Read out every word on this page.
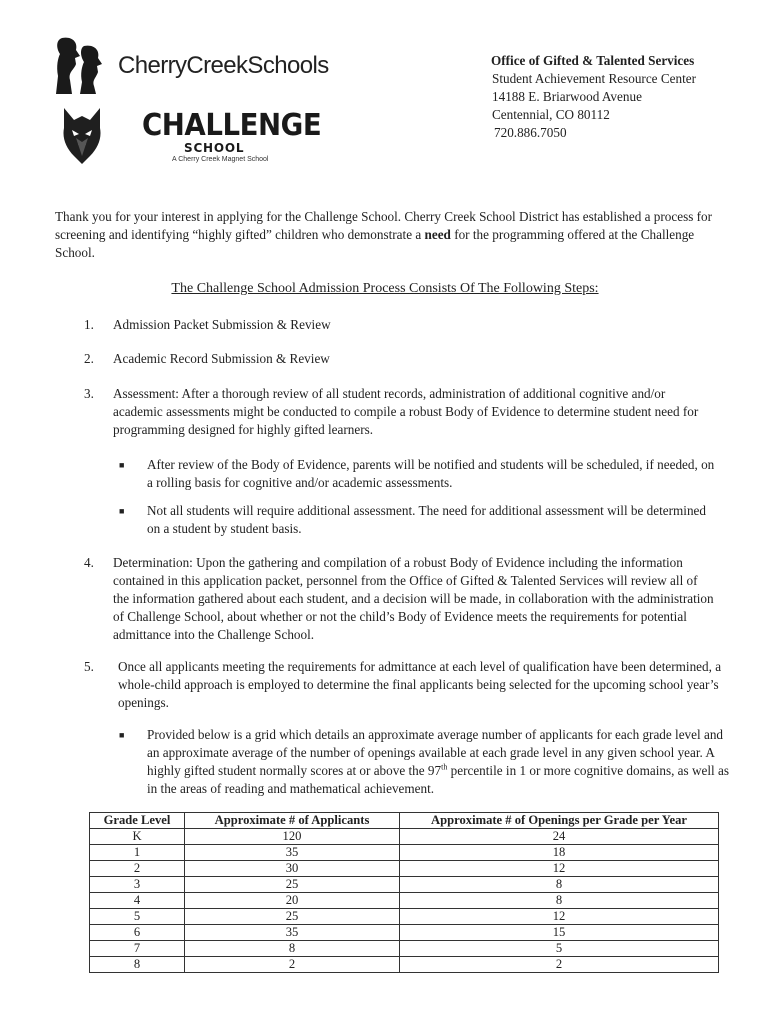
CherryCreekSchools
CHALLENGE
SCHOOL
A Cherry Creek Magnet School
Office of Gifted & Talented Services
Student Achievement Resource Center
14188 E. Briarwood Avenue
Centennial, CO 80112
720.886.7050
Thank you for your interest in applying for the Challenge School. Cherry Creek School District has established a process for screening and identifying “highly gifted” children who demonstrate a need for the programming offered at the Challenge School.
The Challenge School Admission Process Consists Of The Following Steps:
1. Admission Packet Submission & Review
2. Academic Record Submission & Review
3. Assessment: After a thorough review of all student records, administration of additional cognitive and/or academic assessments might be conducted to compile a robust Body of Evidence to determine student need for programming designed for highly gifted learners.
■ After review of the Body of Evidence, parents will be notified and students will be scheduled, if needed, on a rolling basis for cognitive and/or academic assessments.
■ Not all students will require additional assessment. The need for additional assessment will be determined on a student by student basis.
4. Determination: Upon the gathering and compilation of a robust Body of Evidence including the information contained in this application packet, personnel from the Office of Gifted & Talented Services will review all of the information gathered about each student, and a decision will be made, in collaboration with the administration of Challenge School, about whether or not the child’s Body of Evidence meets the requirements for potential admittance into the Challenge School.
5. Once all applicants meeting the requirements for admittance at each level of qualification have been determined, a whole-child approach is employed to determine the final applicants being selected for the upcoming school year’s openings.
■ Provided below is a grid which details an approximate average number of applicants for each grade level and an approximate average of the number of openings available at each grade level in any given school year. A highly gifted student normally scores at or above the 97th percentile in 1 or more cognitive domains, as well as in the areas of reading and mathematical achievement.
Grade Level	Approximate # of Applicants	Approximate # of Openings per Grade per Year
K	120	24
1	35	18
2	30	12
3	25	8
4	20	8
5	25	12
6	35	15
7	8	5
8	2	2
